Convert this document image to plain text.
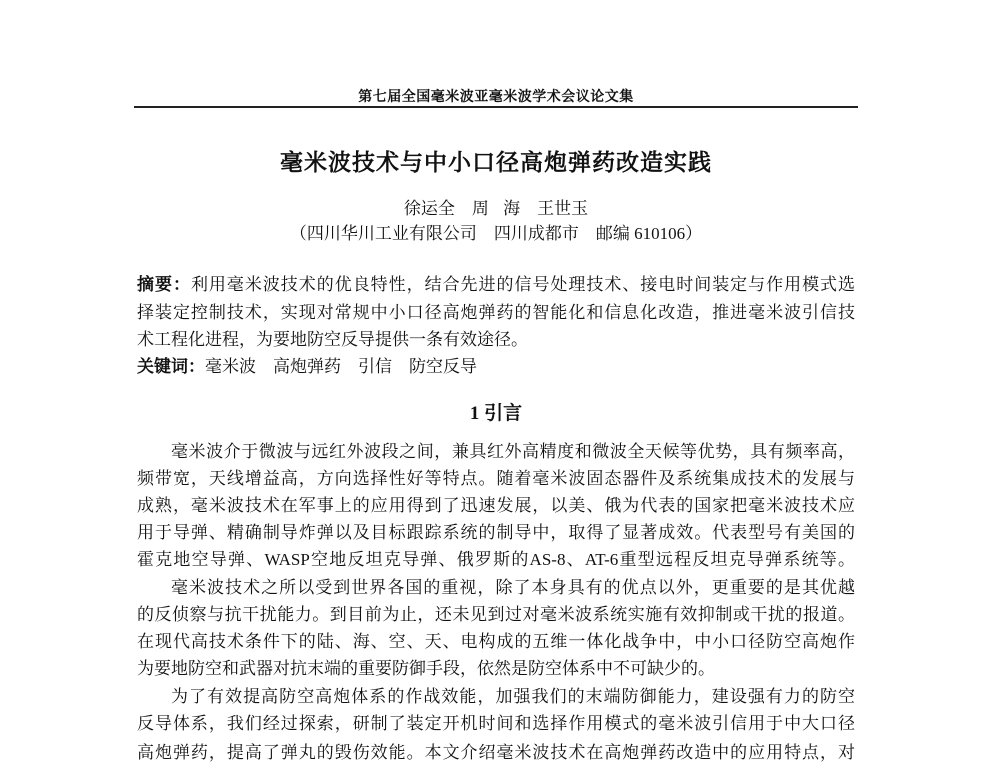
第七届全国毫米波亚毫米波学术会议论文集
毫米波技术与中小口径高炮弹药改造实践
徐运全　周 海　王世玉
（四川华川工业有限公司　四川成都市　邮编 610106）
摘要：利用毫米波技术的优良特性，结合先进的信号处理技术、接电时间装定与作用模式选
择装定控制技术，实现对常规中小口径高炮弹药的智能化和信息化改造，推进毫米波引信技
术工程化进程，为要地防空反导提供一条有效途径。
关键词：毫米波　高炮弹药　引信　防空反导
1 引言
毫米波介于微波与远红外波段之间，兼具红外高精度和微波全天候等优势，具有频率高，
频带宽，天线增益高，方向选择性好等特点。随着毫米波固态器件及系统集成技术的发展与
成熟，毫米波技术在军事上的应用得到了迅速发展，以美、俄为代表的国家把毫米波技术应
用于导弹、精确制导炸弹以及目标跟踪系统的制导中，取得了显著成效。代表型号有美国的
霍克地空导弹、WASP空地反坦克导弹、俄罗斯的AS-8、AT-6重型远程反坦克导弹系统等。
毫米波技术之所以受到世界各国的重视，除了本身具有的优点以外，更重要的是其优越
的反侦察与抗干扰能力。到目前为止，还未见到过对毫米波系统实施有效抑制或干扰的报道。
在现代高技术条件下的陆、海、空、天、电构成的五维一体化战争中，中小口径防空高炮作
为要地防空和武器对抗末端的重要防御手段，依然是防空体系中不可缺少的。
为了有效提高防空高炮体系的作战效能，加强我们的末端防御能力，建设强有力的防空
反导体系，我们经过探索，研制了装定开机时间和选择作用模式的毫米波引信用于中大口径
高炮弹药，提高了弹丸的毁伤效能。本文介绍毫米波技术在高炮弹药改造中的应用特点，对
